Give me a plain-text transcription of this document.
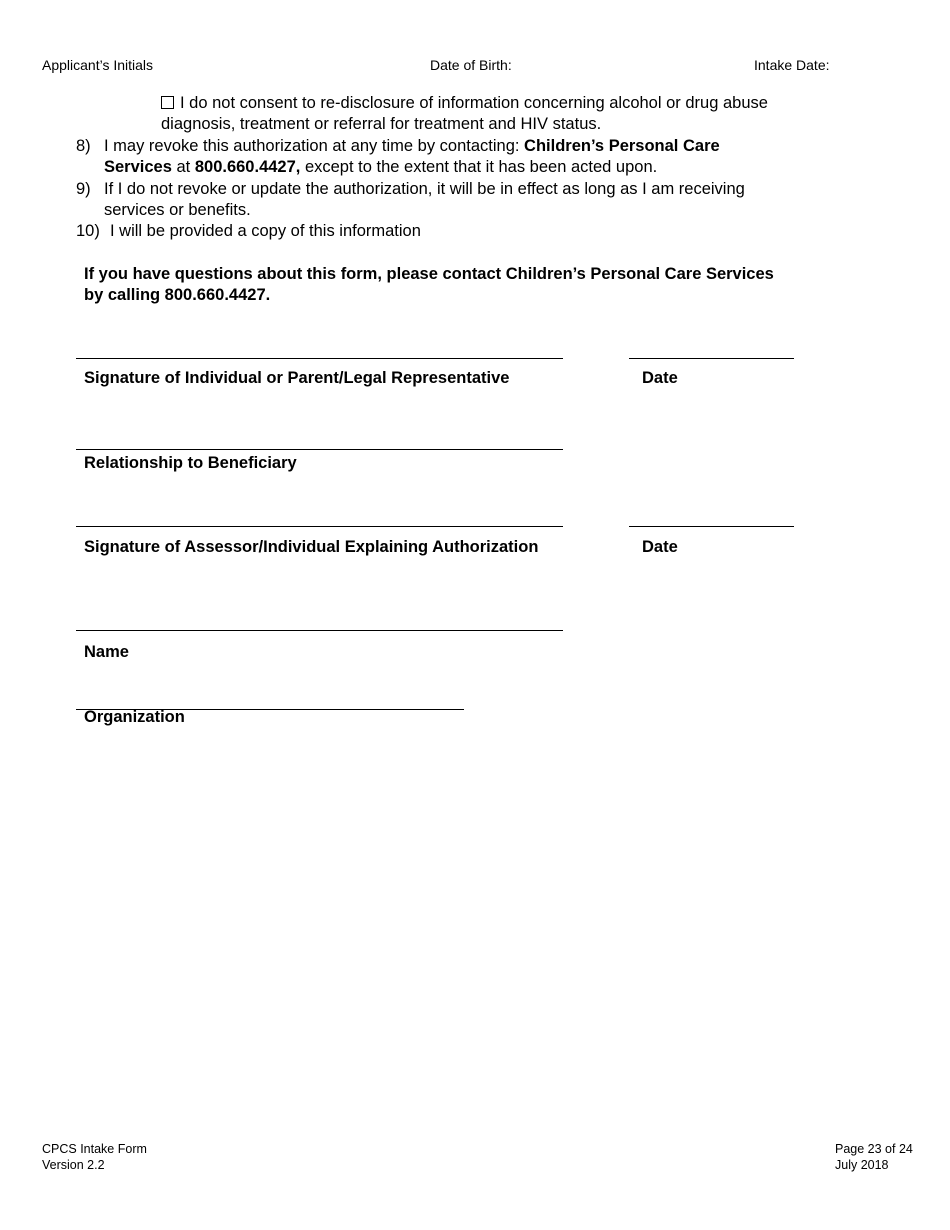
Applicant’s Initials	Date of Birth:	Intake Date:
I do not consent to re-disclosure of information concerning alcohol or drug abuse
diagnosis, treatment or referral for treatment and HIV status.
8) I may revoke this authorization at any time by contacting: Children’s Personal Care
Services at 800.660.4427, except to the extent that it has been acted upon.
9) If I do not revoke or update the authorization, it will be in effect as long as I am receiving
services or benefits.
10) I will be provided a copy of this information
If you have questions about this form, please contact Children’s Personal Care Services
by calling 800.660.4427.
Signature of Individual or Parent/Legal Representative	Date
Relationship to Beneficiary
Signature of Assessor/Individual Explaining Authorization	Date
Name
Organization
CPCS Intake Form
Version 2.2
Page 23 of 24
July 2018
